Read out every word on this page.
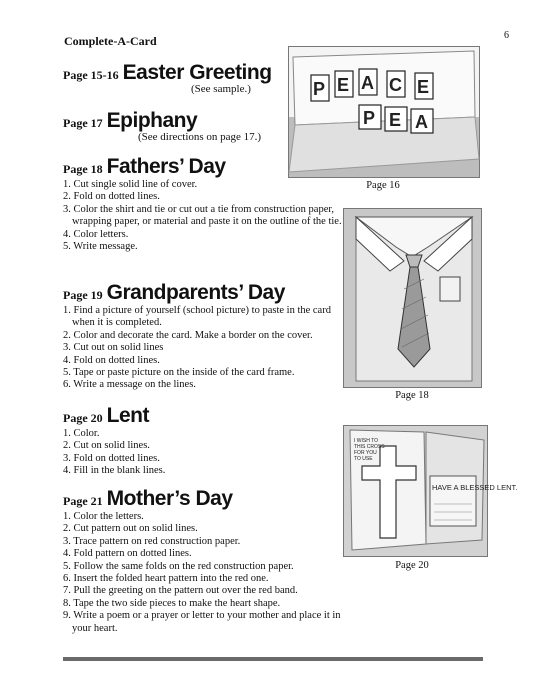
Complete-A-Card	6
Page 15-16 Easter Greeting
(See sample.)
Page 17 Epiphany
(See directions on page 17.)
Page 18 Fathers’ Day
1. Cut single solid line of cover.
2. Fold on dotted lines.
3. Color the shirt and tie or cut out a tie from construction paper, wrapping paper, or material and paste it on the outline of the tie.
4. Color letters.
5. Write message.
Page 19 Grandparents’ Day
1. Find a picture of yourself (school picture) to paste in the card when it is completed.
2. Color and decorate the card. Make a border on the cover.
3. Cut out on solid lines
4. Fold on dotted lines.
5. Tape or paste picture on the inside of the card frame.
6. Write a message on the lines.
Page 20 Lent
1. Color.
2. Cut on solid lines.
3. Fold on dotted lines.
4. Fill in the blank lines.
Page 21 Mother’s Day
1. Color the letters.
2. Cut pattern out on solid lines.
3. Trace pattern on red construction paper.
4. Fold pattern on dotted lines.
5. Follow the same folds on the red construction paper.
6. Insert the folded heart pattern into the red one.
7. Pull the greeting on the pattern out over the red band.
8. Tape the two side pieces to make the heart shape.
9. Write a poem or a prayer or letter to your mother and place it in your heart.
P E A C E
P E A
Page 16
Page 18
I WISH TO
THIS CROSS
FOR YOU
TO USE
HAVE A BLESSED LENT.
Page 20
